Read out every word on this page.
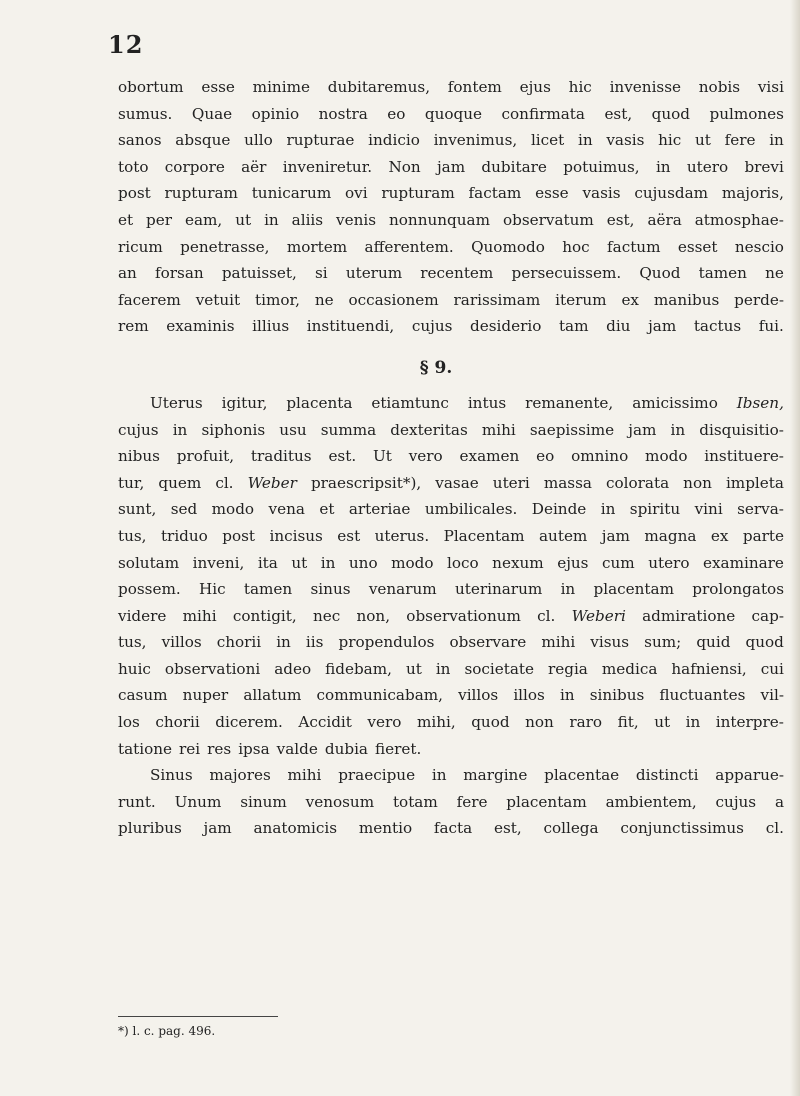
12
obortum esse minime dubitaremus, fontem ejus hic invenisse nobis visi
sumus. Quae opinio nostra eo quoque confirmata est, quod pulmones
sanos absque ullo rupturae indicio invenimus, licet in vasis hic ut fere in
toto corpore aër inveniretur. Non jam dubitare potuimus, in utero brevi
post rupturam tunicarum ovi rupturam factam esse vasis cujusdam majoris,
et per eam, ut in aliis venis nonnunquam observatum est, aëra atmosphae-
ricum penetrasse, mortem afferentem. Quomodo hoc factum esset nescio
an forsan patuisset, si uterum recentem persecuissem. Quod tamen ne
facerem vetuit timor, ne occasionem rarissimam iterum ex manibus perde-
rem examinis illius instituendi, cujus desiderio tam diu jam tactus fui.
§ 9.
Uterus igitur, placenta etiamtunc intus remanente, amicissimo Ibsen,
cujus in siphonis usu summa dexteritas mihi saepissime jam in disquisitio-
nibus profuit, traditus est. Ut vero examen eo omnino modo instituere-
tur, quem cl. Weber praescripsit*), vasae uteri massa colorata non impleta
sunt, sed modo vena et arteriae umbilicales. Deinde in spiritu vini serva-
tus, triduo post incisus est uterus. Placentam autem jam magna ex parte
solutam inveni, ita ut in uno modo loco nexum ejus cum utero examinare
possem. Hic tamen sinus venarum uterinarum in placentam prolongatos
videre mihi contigit, nec non, observationum cl. Weberi admiratione cap-
tus, villos chorii in iis propendulos observare mihi visus sum; quid quod
huic observationi adeo fidebam, ut in societate regia medica hafniensi, cui
casum nuper allatum communicabam, villos illos in sinibus fluctuantes vil-
los chorii dicerem. Accidit vero mihi, quod non raro fit, ut in interpre-
tatione rei res ipsa valde dubia fieret.
Sinus majores mihi praecipue in margine placentae distincti apparue-
runt. Unum sinum venosum totam fere placentam ambientem, cujus a
pluribus jam anatomicis mentio facta est, collega conjunctissimus cl.
*) l. c. pag. 496.
